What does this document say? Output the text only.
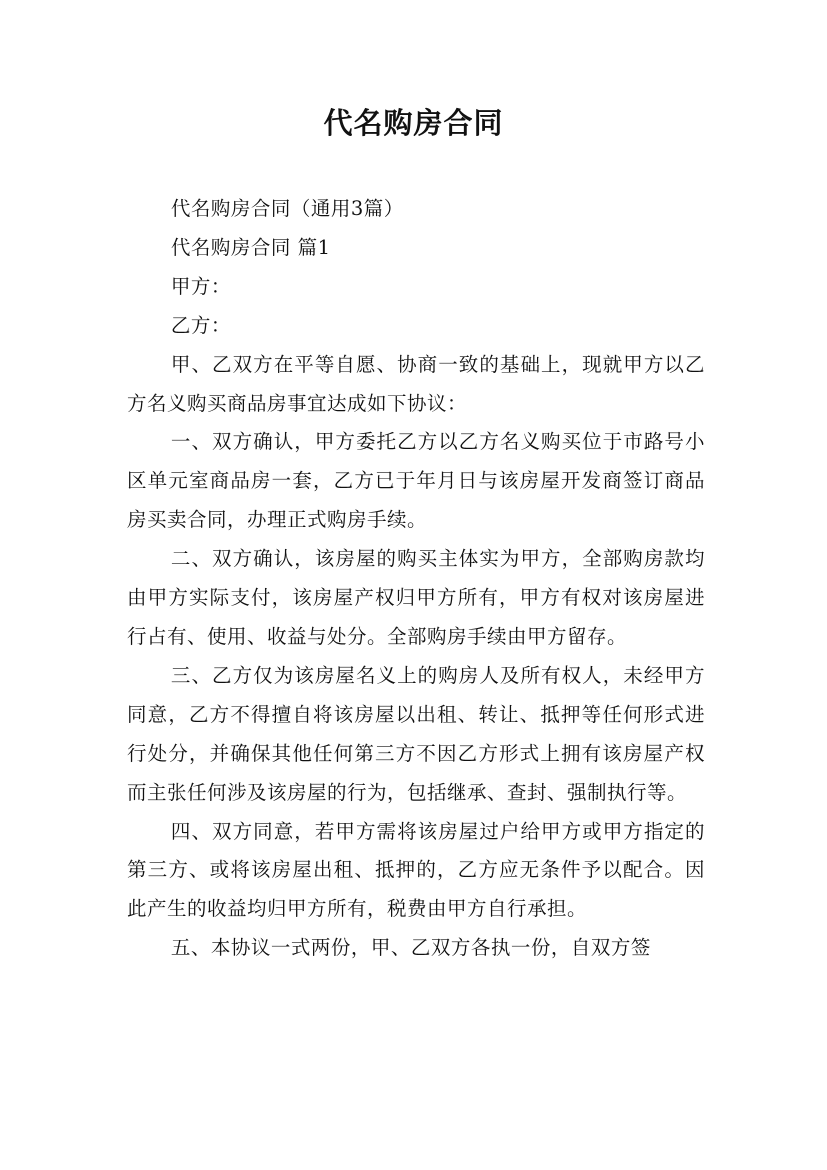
代名购房合同

代名购房合同（通用3篇）

代名购房合同 篇1

甲方：

乙方：

甲、乙双方在平等自愿、协商一致的基础上，现就甲方以乙方名义购买商品房事宜达成如下协议：

一、双方确认，甲方委托乙方以乙方名义购买位于市路号小区单元室商品房一套，乙方已于年月日与该房屋开发商签订商品房买卖合同，办理正式购房手续。

二、双方确认，该房屋的购买主体实为甲方，全部购房款均由甲方实际支付，该房屋产权归甲方所有，甲方有权对该房屋进行占有、使用、收益与处分。全部购房手续由甲方留存。

三、乙方仅为该房屋名义上的购房人及所有权人，未经甲方同意，乙方不得擅自将该房屋以出租、转让、抵押等任何形式进行处分，并确保其他任何第三方不因乙方形式上拥有该房屋产权而主张任何涉及该房屋的行为，包括继承、查封、强制执行等。

四、双方同意，若甲方需将该房屋过户给甲方或甲方指定的第三方、或将该房屋出租、抵押的，乙方应无条件予以配合。因此产生的收益均归甲方所有，税费由甲方自行承担。

五、本协议一式两份，甲、乙双方各执一份，自双方签
